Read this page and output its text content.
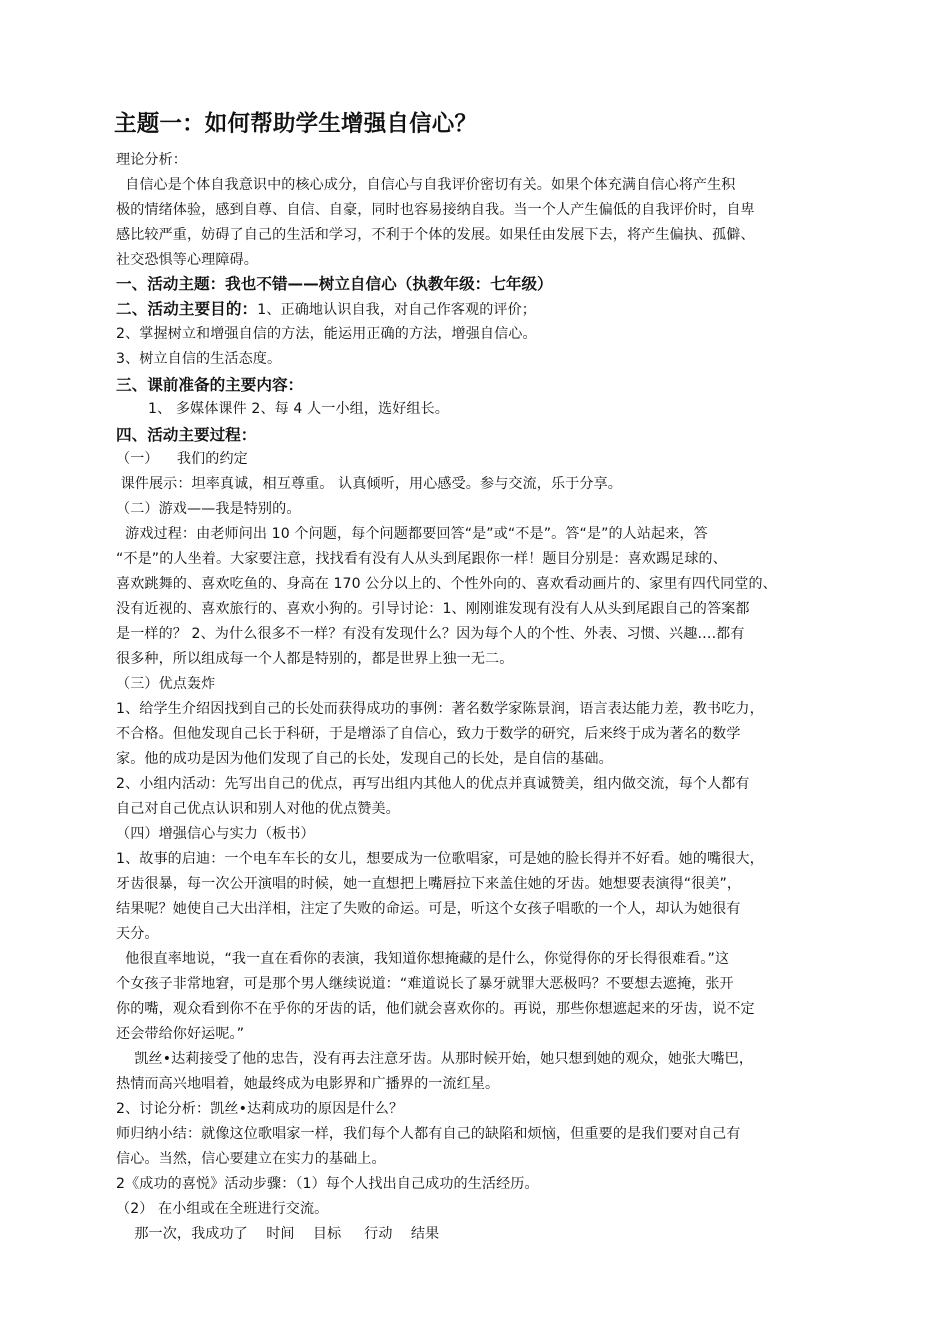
主题一：如何帮助学生增强自信心？
理论分析：
自信心是个体自我意识中的核心成分，自信心与自我评价密切有关。如果个体充满自信心将产生积
极的情绪体验，感到自尊、自信、自豪，同时也容易接纳自我。当一个人产生偏低的自我评价时，自卑
感比较严重，妨碍了自己的生活和学习，不利于个体的发展。如果任由发展下去，将产生偏执、孤僻、
社交恐惧等心理障碍。
一、活动主题：我也不错——树立自信心（执教年级：七年级）
二、活动主要目的：1、正确地认识自我，对自己作客观的评价；
2、掌握树立和增强自信的方法，能运用正确的方法，增强自信心。
3、树立自信的生活态度。
三、课前准备的主要内容：
1、 多媒体课件 2、每 4 人一小组，选好组长。
四、活动主要过程：
（一）    我们的约定
课件展示：坦率真诚，相互尊重。 认真倾听，用心感受。参与交流，乐于分享。
（二）游戏——我是特别的。
游戏过程：由老师问出 10 个问题，每个问题都要回答“是”或“不是”。答“是”的人站起来，答
“不是”的人坐着。大家要注意，找找看有没有人从头到尾跟你一样！题目分别是：喜欢踢足球的、
喜欢跳舞的、喜欢吃鱼的、身高在 170 公分以上的、个性外向的、喜欢看动画片的、家里有四代同堂的、
没有近视的、喜欢旅行的、喜欢小狗的。引导讨论：1、刚刚谁发现有没有人从头到尾跟自己的答案都
是一样的？ 2、为什么很多不一样？有没有发现什么？因为每个人的个性、外表、习惯、兴趣….都有
很多种，所以组成每一个人都是特别的，都是世界上独一无二。
（三）优点轰炸
1、给学生介绍因找到自己的长处而获得成功的事例：著名数学家陈景润，语言表达能力差，教书吃力，
不合格。但他发现自己长于科研，于是增添了自信心，致力于数学的研究，后来终于成为著名的数学
家。他的成功是因为他们发现了自己的长处，发现自己的长处，是自信的基础。
2、小组内活动：先写出自己的优点，再写出组内其他人的优点并真诚赞美，组内做交流，每个人都有
自己对自己优点认识和别人对他的优点赞美。
（四）增强信心与实力（板书）
1、故事的启迪：一个电车车长的女儿，想要成为一位歌唱家，可是她的脸长得并不好看。她的嘴很大，
牙齿很暴，每一次公开演唱的时候，她一直想把上嘴唇拉下来盖住她的牙齿。她想要表演得“很美”，
结果呢？她使自己大出洋相，注定了失败的命运。可是，听这个女孩子唱歌的一个人，却认为她很有
天分。
他很直率地说，“我一直在看你的表演，我知道你想掩藏的是什么，你觉得你的牙长得很难看。”这
个女孩子非常地窘，可是那个男人继续说道：“难道说长了暴牙就罪大恶极吗？不要想去遮掩，张开
你的嘴，观众看到你不在乎你的牙齿的话，他们就会喜欢你的。再说，那些你想遮起来的牙齿，说不定
还会带给你好运呢。”
凯丝•达莉接受了他的忠告，没有再去注意牙齿。从那时候开始，她只想到她的观众，她张大嘴巴，
热情而高兴地唱着，她最终成为电影界和广播界的一流红星。
2、讨论分析：凯丝•达莉成功的原因是什么？
师归纳小结：就像这位歌唱家一样，我们每个人都有自己的缺陷和烦恼，但重要的是我们要对自己有
信心。当然，信心要建立在实力的基础上。
2《成功的喜悦》活动步骤：（1）每个人找出自己成功的生活经历。
（2） 在小组或在全班进行交流。
那一次，我成功了    时间    目标     行动    结果
